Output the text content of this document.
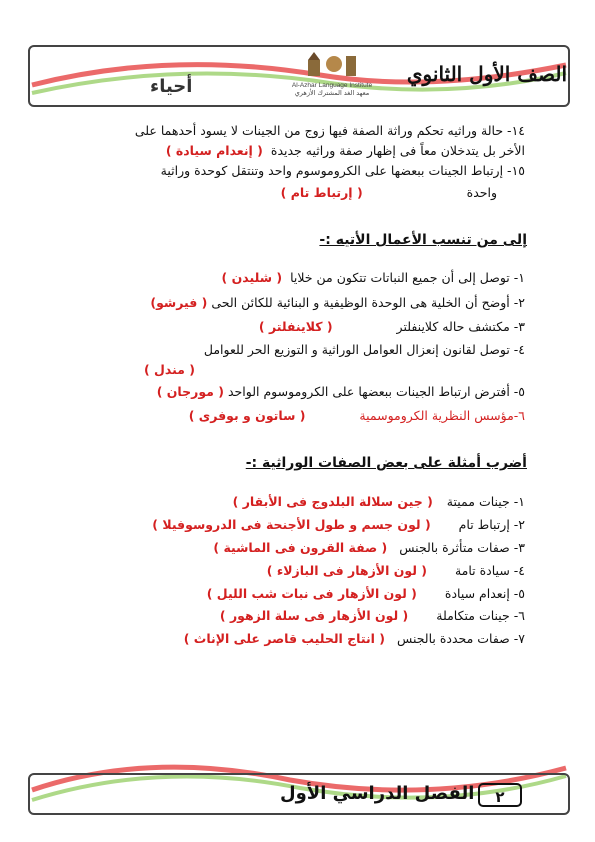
الصف الأول الثانوي
أحياء	Al-Azhar Language Institute
معهد الغد المشترك الأزهري
١٤- حالة وراثيه تحكم وراثة الصفة فيها زوج من الجينات لا يسود أحدهما على
الأخر بل يتدخلان معاً فى إظهار صفة وراثيه جديدة ( إنعدام سيادة )
١٥- إرتباط الجينات ببعضها على الكروموسوم واحد وتنتقل كوحدة وراثية
واحدة ( إرتباط تام )
إلى من تنسب الأعمال الأتيه :-
١- توصل إلى أن جميع النباتات تتكون من خلايا ( شليدن )
٢- أوضح أن الخلية هى الوحدة الوظيفية و البنائية للكائن الحى ( فيرشو)
٣- مكتشف حاله كلاينفلتر ( كلاينفلتر )
٤- توصل لقانون إنعزال العوامل الوراثية و التوزيع الحر للعوامل
( مندل )
٥- أفترض ارتباط الجينات ببعضها على الكروموسوم الواحد ( مورجان )
٦-مؤسس النظرية الكروموسمية ( ساتون و بوفرى )
أضرب أمثلة على بعض الصفات الوراثية :-
١- جينات مميتة ( جين سلالة البلدوج فى الأبقار )
٢- إرتباط تام ( لون جسم و طول الأجنحة فى الدروسوفيلا )
٣- صفات متأثرة بالجنس ( صفة القرون فى الماشية )
٤- سيادة تامة ( لون الأزهار فى البازلاء )
٥- إنعدام سيادة ( لون الأزهار فى نبات شب الليل )
٦- جينات متكاملة ( لون الأزهار فى سلة الزهور )
٧- صفات محددة بالجنس ( انتاج الحليب قاصر على الإناث )
الفصل الدراسي الأول	٢
